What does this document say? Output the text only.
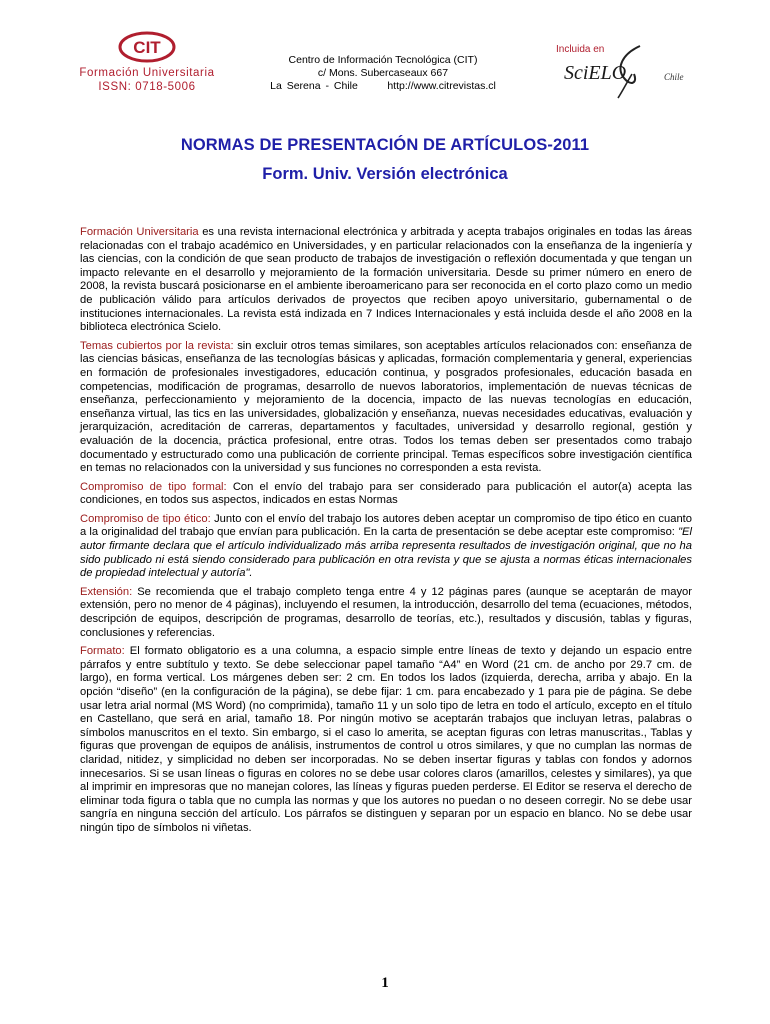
CIT
Formación Universitaria
ISSN: 0718-5006
Centro de Información Tecnológica (CIT)
c/ Mons. Subercaseaux 667
La Serena - Chile	http://www.citrevistas.cl
Incluida en
SciELO	Chile
NORMAS DE PRESENTACIÓN DE ARTÍCULOS-2011
Form. Univ. Versión electrónica

Formación Universitaria es una revista internacional electrónica y arbitrada y acepta trabajos originales en todas las áreas relacionadas con el trabajo académico en Universidades, y en particular relacionados con la enseñanza de la ingeniería y las ciencias, con la condición de que sean producto de trabajos de investigación o reflexión documentada y que tengan un impacto relevante en el desarrollo y mejoramiento de la formación universitaria. Desde su primer número en enero de 2008, la revista buscará posicionarse en el ambiente iberoamericano para ser reconocida en el corto plazo como un medio de publicación válido para artículos derivados de proyectos que reciben apoyo universitario, gubernamental o de instituciones internacionales. La revista está indizada en 7 Indices Internacionales y está incluida desde el año 2008 en la biblioteca electrónica Scielo.

Temas cubiertos por la revista: sin excluir otros temas similares, son aceptables artículos relacionados con: enseñanza de las ciencias básicas, enseñanza de las tecnologías básicas y aplicadas, formación complementaria y general, experiencias en formación de profesionales investigadores, educación continua, y posgrados profesionales, educación basada en competencias, modificación de programas, desarrollo de nuevos laboratorios, implementación de nuevas técnicas de enseñanza, perfeccionamiento y mejoramiento de la docencia, impacto de las nuevas tecnologías en educación, enseñanza virtual, las tics en las universidades, globalización y enseñanza, nuevas necesidades educativas, evaluación y jerarquización, acreditación de carreras, departamentos y facultades, universidad y desarrollo regional, gestión y evaluación de la docencia, práctica profesional, entre otras. Todos los temas deben ser presentados como trabajo documentado y estructurado como una publicación de corriente principal. Temas específicos sobre investigación científica en temas no relacionados con la universidad y sus funciones no corresponden a esta revista.

Compromiso de tipo formal: Con el envío del trabajo para ser considerado para publicación el autor(a) acepta las condiciones, en todos sus aspectos, indicados en estas Normas

Compromiso de tipo ético: Junto con el envío del trabajo los autores deben aceptar un compromiso de tipo ético en cuanto a la originalidad del trabajo que envían para publicación. En la carta de presentación se debe aceptar este compromiso: "El autor firmante declara que el artículo individualizado más arriba representa resultados de investigación original, que no ha sido publicado ni está siendo considerado para publicación en otra revista y que se ajusta a normas éticas internacionales de propiedad intelectual y autoría".

Extensión: Se recomienda que el trabajo completo tenga entre 4 y 12 páginas pares (aunque se aceptarán de mayor extensión, pero no menor de 4 páginas), incluyendo el resumen, la introducción, desarrollo del tema (ecuaciones, métodos, descripción de equipos, descripción de programas, desarrollo de teorías, etc.), resultados y discusión, tablas y figuras, conclusiones y referencias.

Formato: El formato obligatorio es a una columna, a espacio simple entre líneas de texto y dejando un espacio entre párrafos y entre subtítulo y texto. Se debe seleccionar papel tamaño “A4” en Word (21 cm. de ancho por 29.7 cm. de largo), en forma vertical. Los márgenes deben ser: 2 cm. En todos los lados (izquierda, derecha, arriba y abajo. En la opción “diseño” (en la configuración de la página), se debe fijar: 1 cm. para encabezado y 1 para pie de página. Se debe usar letra arial normal (MS Word) (no comprimida), tamaño 11 y un solo tipo de letra en todo el artículo, excepto en el título en Castellano, que será en arial, tamaño 18. Por ningún motivo se aceptarán trabajos que incluyan letras, palabras o símbolos manuscritos en el texto. Sin embargo, si el caso lo amerita, se aceptan figuras con letras manuscritas., Tablas y figuras que provengan de equipos de análisis, instrumentos de control u otros similares, y que no cumplan las normas de claridad, nitidez, y simplicidad no deben ser incorporadas. No se deben insertar figuras y tablas con fondos y adornos innecesarios. Si se usan líneas o figuras en colores no se debe usar colores claros (amarillos, celestes y similares), ya que al imprimir en impresoras que no manejan colores, las líneas y figuras pueden perderse. El Editor se reserva el derecho de eliminar toda figura o tabla que no cumpla las normas y que los autores no puedan o no deseen corregir. No se debe usar sangría en ninguna sección del artículo. Los párrafos se distinguen y separan por un espacio en blanco. No se debe usar ningún tipo de símbolos ni viñetas.

1
